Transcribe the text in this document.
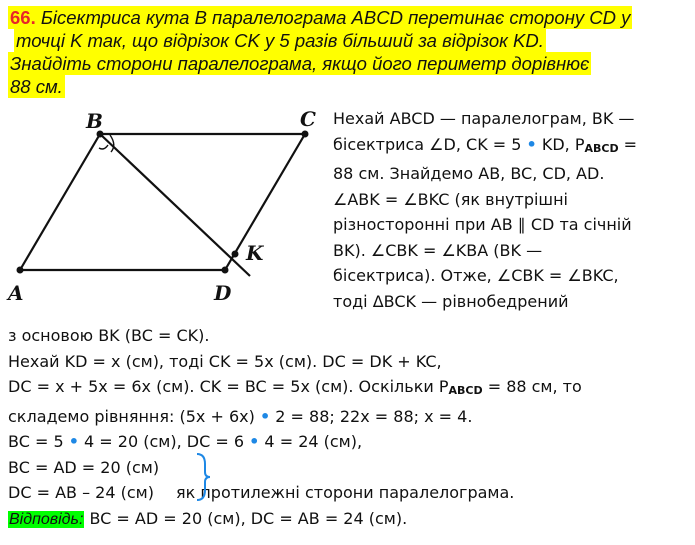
66. Бісектриса кута B паралелограма ABCD перетинає сторону CD у
точці K так, що відрізок CK у 5 разів більший за відрізок KD.
Знайдіть сторони паралелограма, якщо його периметр дорівнює
88 см.
B	C
A	D
K
Нехай ABCD — паралелограм, ВK —
бісектриса ∠D, CK = 5 • KD, $P_{ABCD}$ =
88 см. Знайдемо AB, BC, CD, AD.
∠ABK = ∠BKC (як внутрішні
різносторонні при AB ∥ CD та січній
BK). ∠CBK = ∠KBA (BK —
бісектриса). Отже, ∠CBK = ∠BKC,
тоді ΔBCK — рівнобедрений
з основою BK (BC = CK).
Нехай KD = x (см), тоді CK = 5x (см). DC = DK + KC,
DC = x + 5x = 6x (см). CK = BC = 5x (см). Оскільки $P_{ABCD} = 88$ см, то
складемо рівняння: (5x + 6x) • 2 = 88; 22x = 88; x = 4.
BC = 5 • 4 = 20 (см), DC = 6 • 4 = 24 (см),
BC = AD = 20 (см)
DC = AB – 24 (см) як протилежні сторони паралелограма.
Відповідь: BC = AD = 20 (см), DC = AB = 24 (см).
